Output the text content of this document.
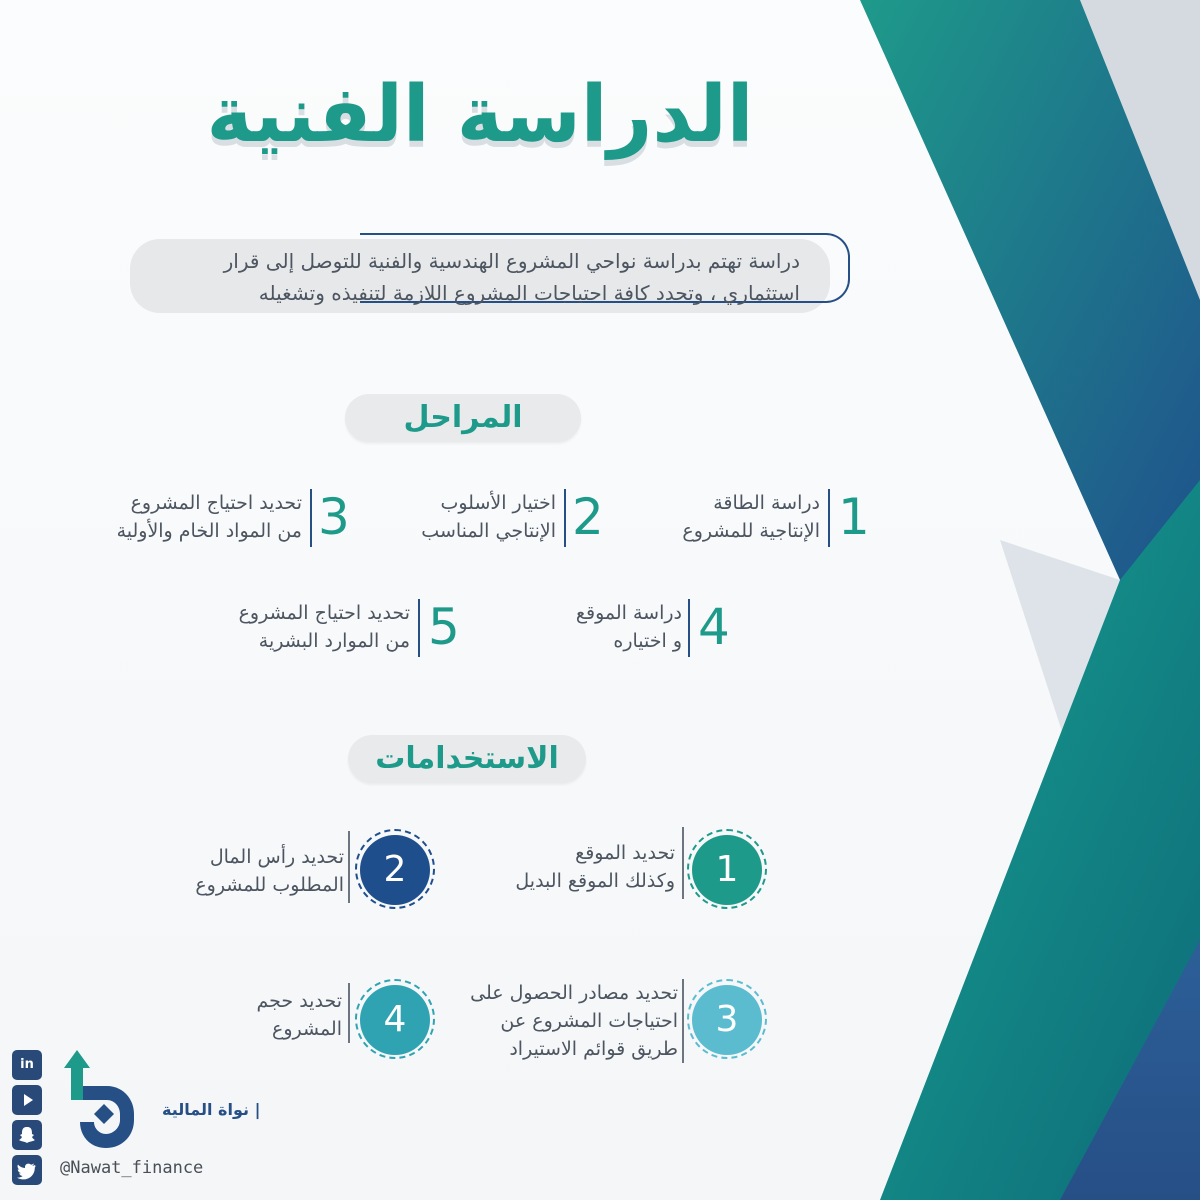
الدراسة الفنية
دراسة تهتم بدراسة نواحي المشروع الهندسية والفنية للتوصل إلى قرار
استثماري ، وتحدد كافة احتياجات المشروع اللازمة لتنفيذه وتشغيله
المراحل
1
دراسة الطاقة
الإنتاجية للمشروع
2
اختيار الأسلوب
الإنتاجي المناسب
3
تحديد احتياج المشروع
من المواد الخام والأولية
4
دراسة الموقع
و اختياره
5
تحديد احتياج المشروع
من الموارد البشرية
الاستخدامات
1
تحديد الموقع
وكذلك الموقع البديل
2
تحديد رأس المال
المطلوب للمشروع
3
تحديد مصادر الحصول على
احتياجات المشروع عن
طريق قوائم الاستيراد
4
تحديد حجم
المشروع
in
| نواة المالية
@Nawat_finance
